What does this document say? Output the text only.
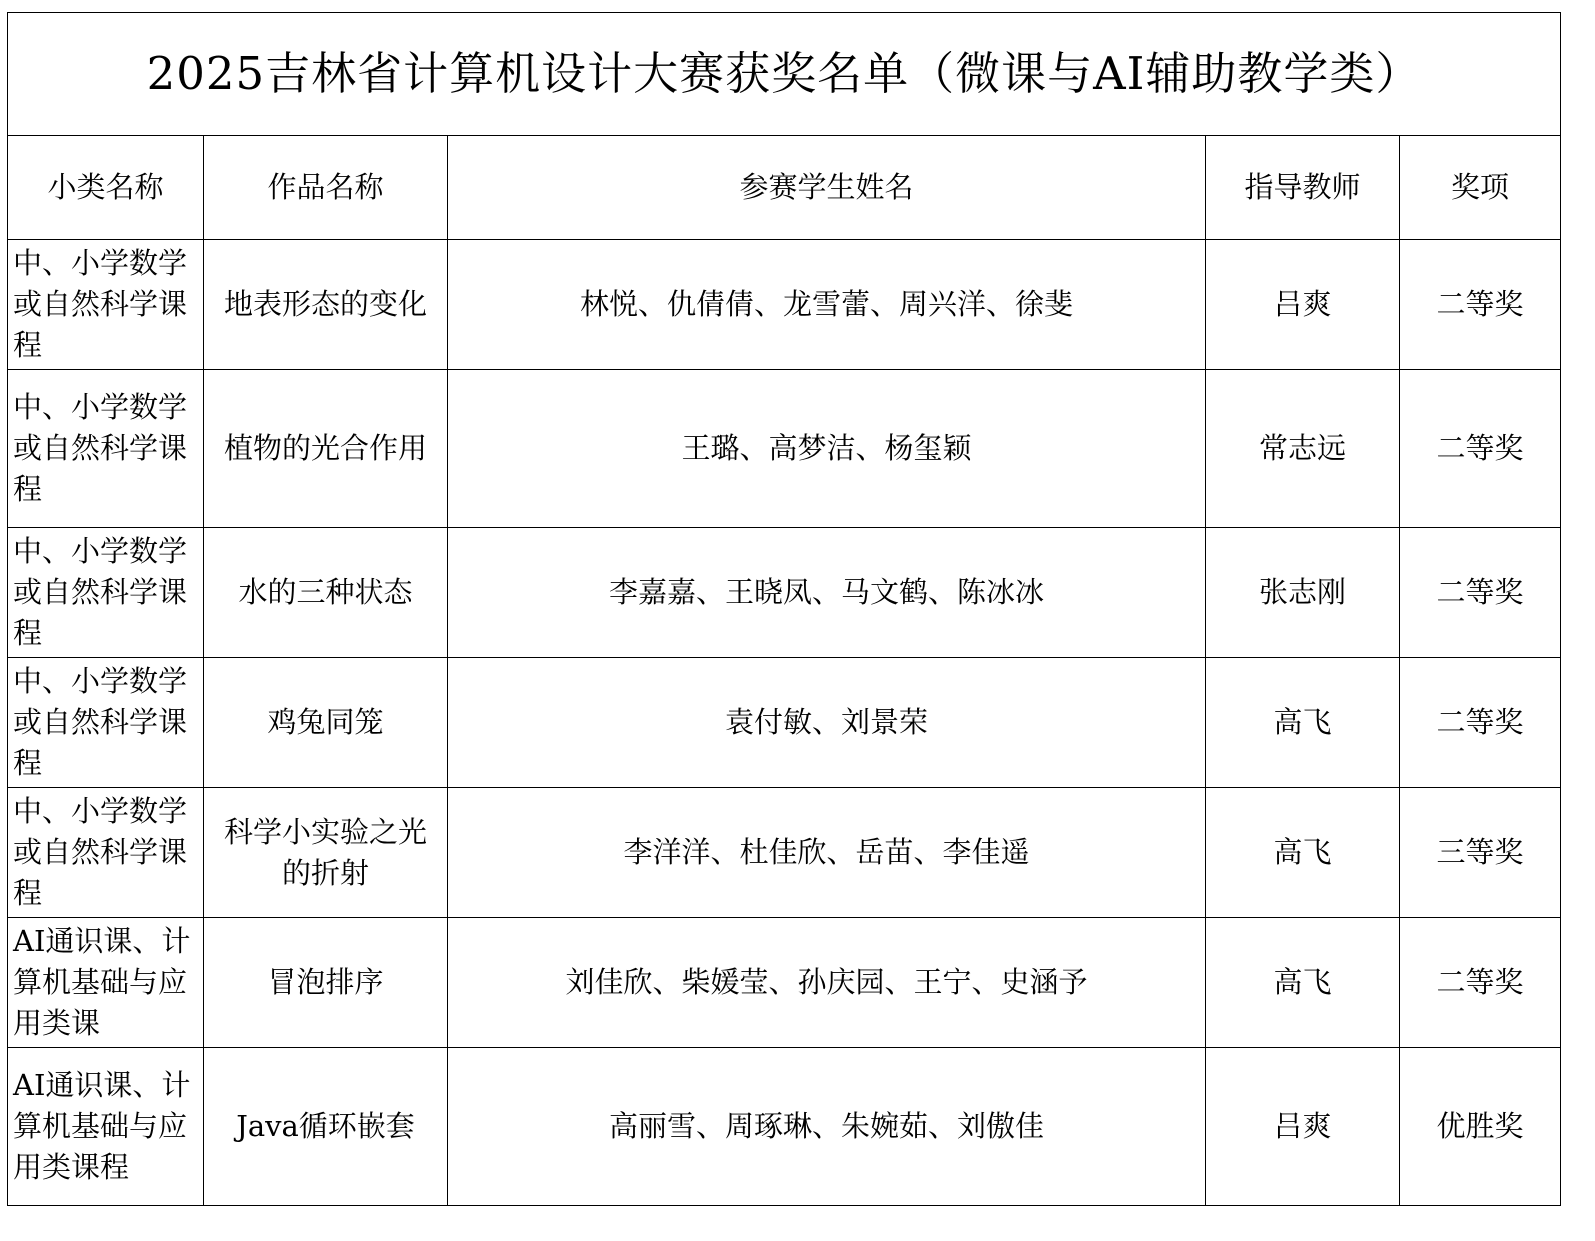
2025吉林省计算机设计大赛获奖名单（微课与AI辅助教学类）				
小类名称	作品名称	参赛学生姓名	指导教师	奖项
中、小学数学或自然科学课程	地表形态的变化	林悦、仇倩倩、龙雪蕾、周兴洋、徐斐	吕爽	二等奖
中、小学数学或自然科学课程	植物的光合作用	王璐、高梦洁、杨玺颖	常志远	二等奖
中、小学数学或自然科学课程	水的三种状态	李嘉嘉、王晓凤、马文鹤、陈冰冰	张志刚	二等奖
中、小学数学或自然科学课程	鸡兔同笼	袁付敏、刘景荣	高飞	二等奖
中、小学数学或自然科学课程	科学小实验之光的折射	李洋洋、杜佳欣、岳苗、李佳遥	高飞	三等奖
AI通识课、计算机基础与应用类课	冒泡排序	刘佳欣、柴媛莹、孙庆园、王宁、史涵予	高飞	二等奖
AI通识课、计算机基础与应用类课程	Java循环嵌套	高丽雪、周琢琳、朱婉茹、刘傲佳	吕爽	优胜奖
